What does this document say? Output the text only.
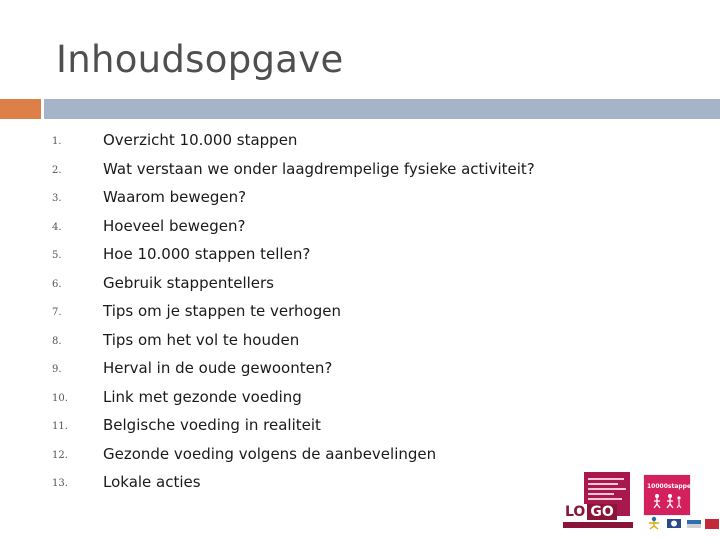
Inhoudsopgave
1.	Overzicht 10.000 stappen
2.	Wat verstaan we onder laagdrempelige fysieke activiteit?
3.	Waarom bewegen?
4.	Hoeveel bewegen?
5.	Hoe 10.000 stappen tellen?
6.	Gebruik stappentellers
7.	Tips om je stappen te verhogen
8.	Tips om het vol te houden
9.	Herval in de oude gewoonten?
10. Link met gezonde voeding
11. Belgische voeding in realiteit
12. Gezonde voeding volgens de aanbevelingen
13. Lokale acties	10000stappen.be
LO GO
